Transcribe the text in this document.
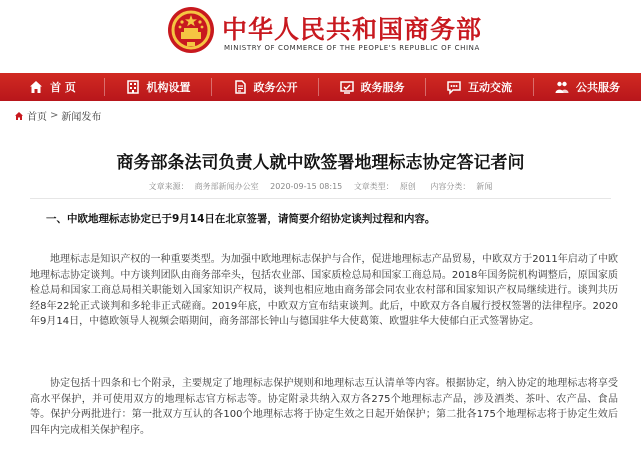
中华人民共和国商务部
MINISTRY OF COMMERCE OF THE PEOPLE'S REPUBLIC OF CHINA
首 页	机构设置	政务公开	政务服务	互动交流	公共服务
首页 > 新闻发布
商务部条法司负责人就中欧签署地理标志协定答记者问
文章来源： 商务部新闻办公室 2020-09-15 08:15 文章类型： 原创 内容分类： 新闻

一、中欧地理标志协定已于9月14日在北京签署，请简要介绍协定谈判过程和内容。

地理标志是知识产权的一种重要类型。为加强中欧地理标志保护与合作，促进地理标志产品贸易，中欧双方于2011年启动了中欧地理标志协定谈判。中方谈判团队由商务部牵头，包括农业部、国家质检总局和国家工商总局。2018年国务院机构调整后，原国家质检总局和国家工商总局相关职能划入国家知识产权局，谈判也相应地由商务部会同农业农村部和国家知识产权局继续进行。谈判共历经8年22轮正式谈判和多轮非正式磋商。2019年底，中欧双方宣布结束谈判。此后，中欧双方各自履行授权签署的法律程序。2020年9月14日，中德欧领导人视频会晤期间，商务部部长钟山与德国驻华大使葛策、欧盟驻华大使郁白正式签署协定。

协定包括十四条和七个附录，主要规定了地理标志保护规则和地理标志互认清单等内容。根据协定，纳入协定的地理标志将享受高水平保护，并可使用双方的地理标志官方标志等。协定附录共纳入双方各275个地理标志产品，涉及酒类、茶叶、农产品、食品等。保护分两批进行：第一批双方互认的各100个地理标志将于协定生效之日起开始保护；第二批各175个地理标志将于协定生效后四年内完成相关保护程序。
